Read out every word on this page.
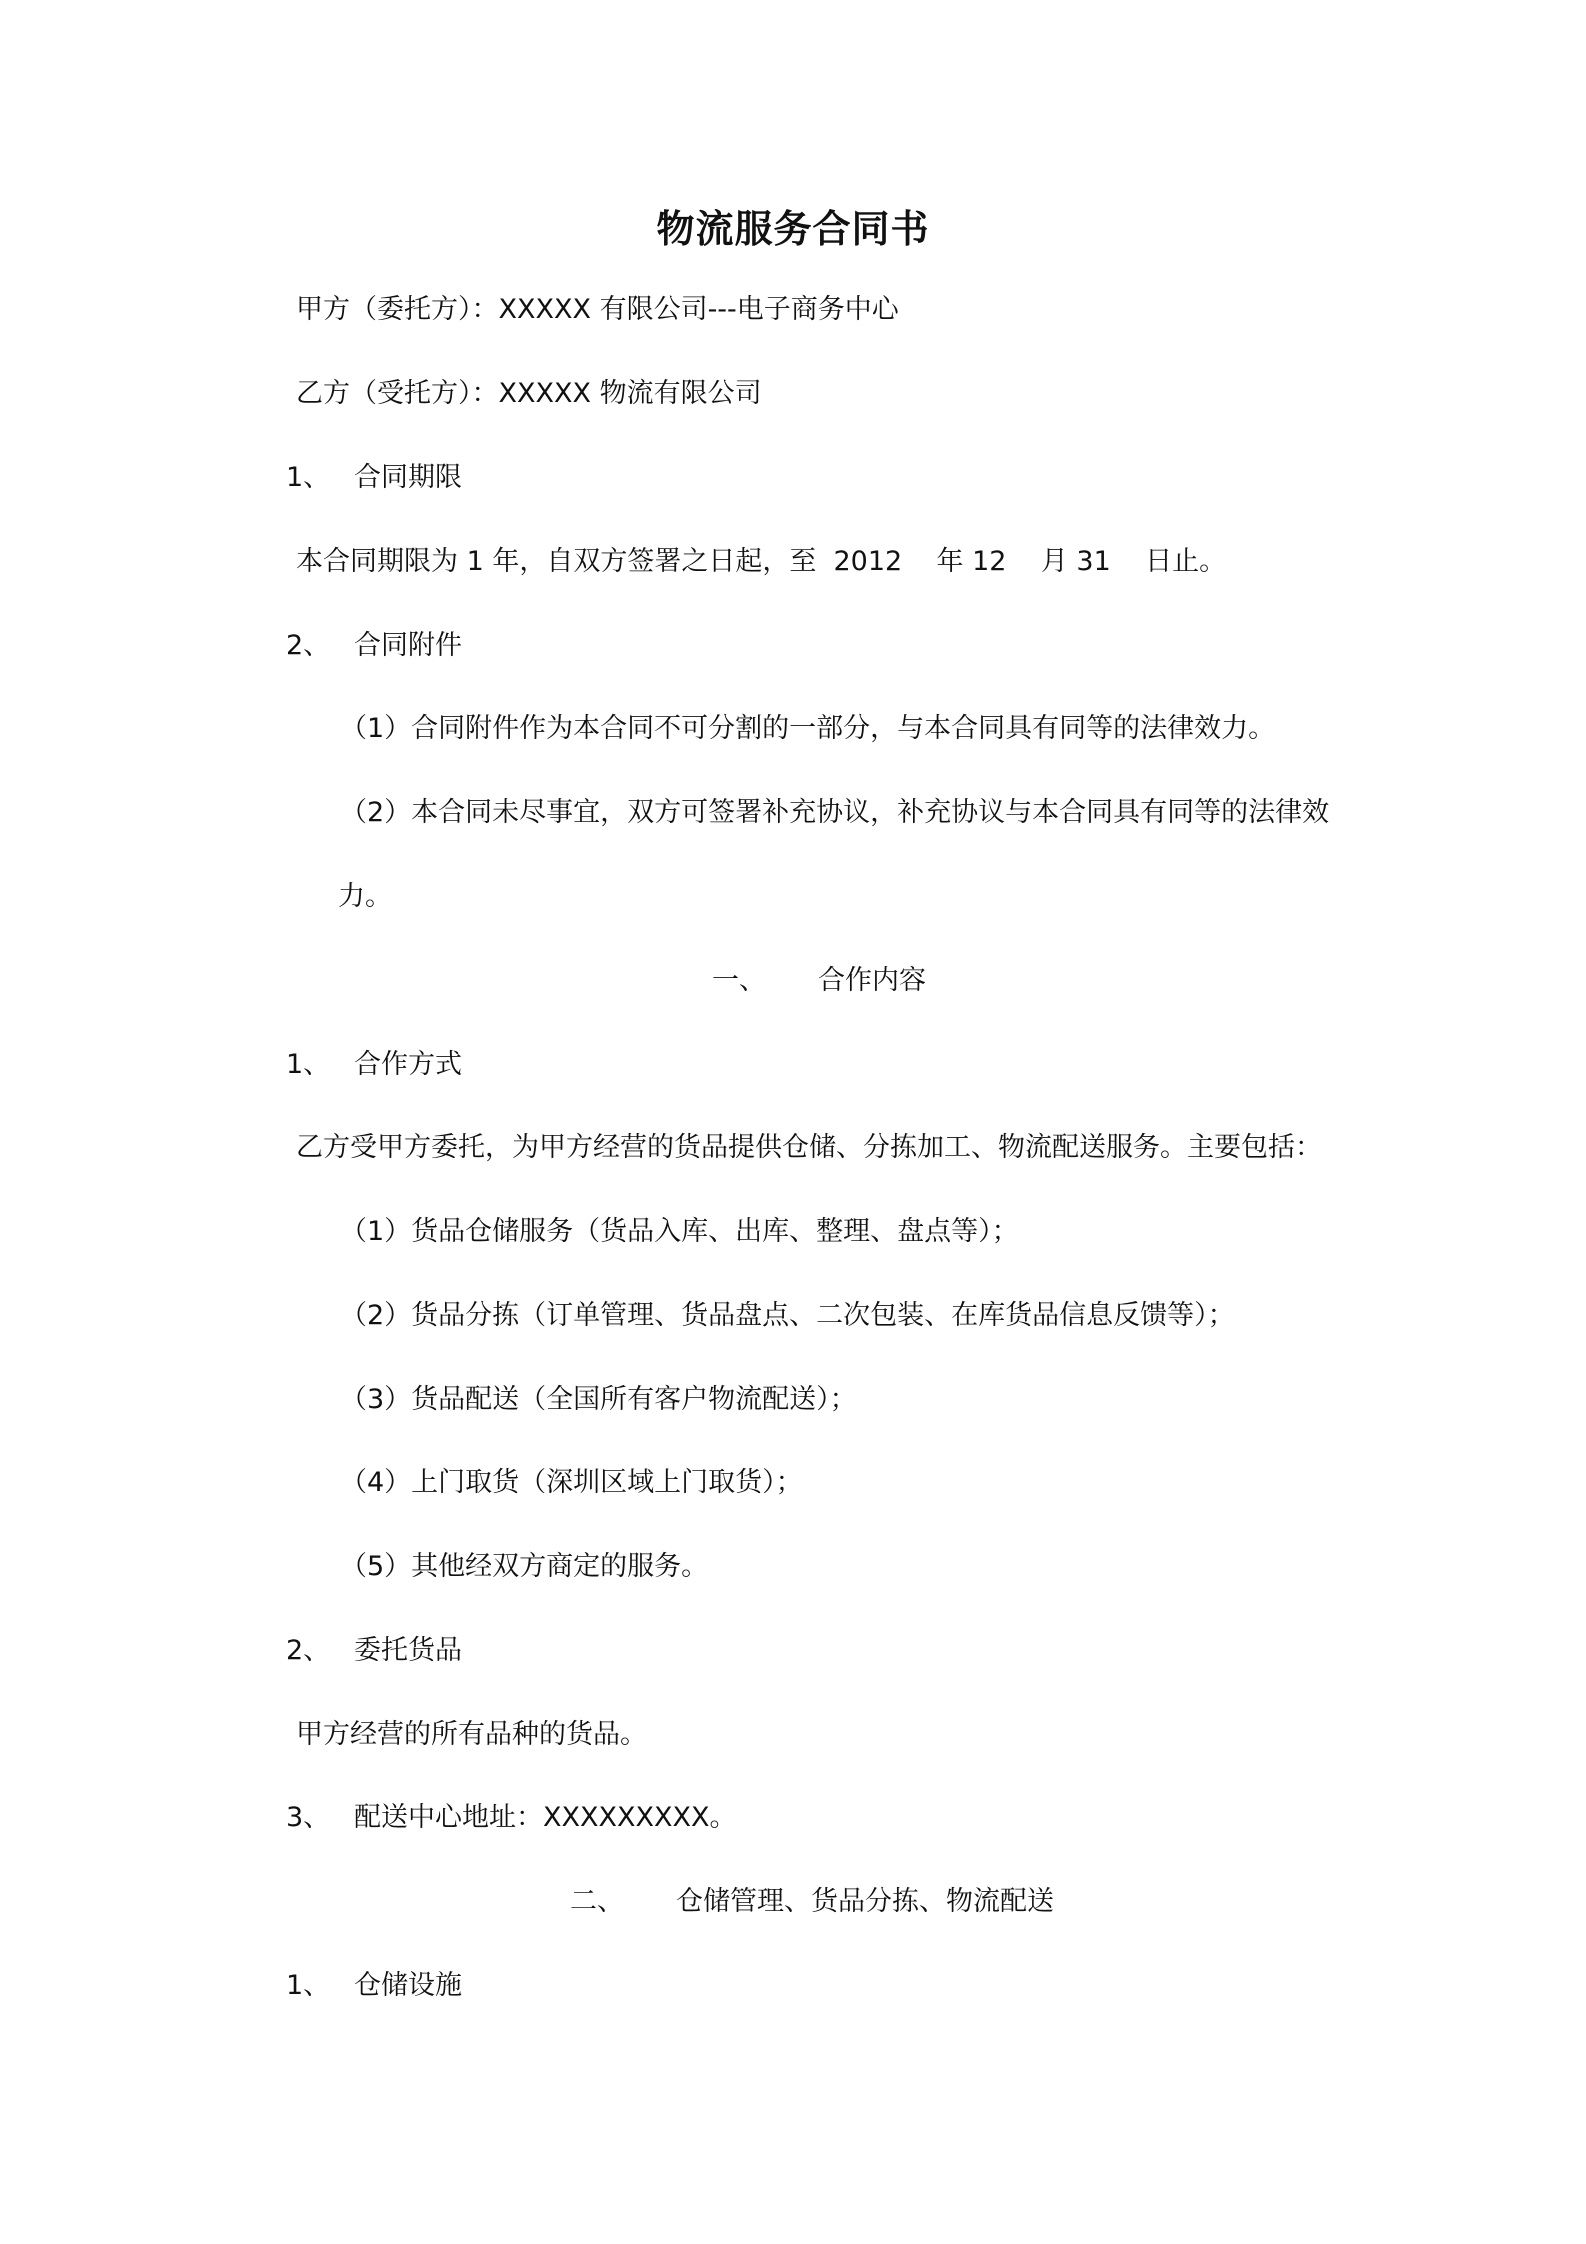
物流服务合同书
甲方（委托方）：XXXXX 有限公司---电子商务中心
乙方（受托方）：XXXXX 物流有限公司
1、 合同期限
本合同期限为 1 年，自双方签署之日起，至  2012    年 12    月 31    日止。
2、 合同附件
（1）合同附件作为本合同不可分割的一部分，与本合同具有同等的法律效力。
（2）本合同未尽事宜，双方可签署补充协议，补充协议与本合同具有同等的法律效
力。
一、 合作内容
1、 合作方式
乙方受甲方委托，为甲方经营的货品提供仓储、分拣加工、物流配送服务。主要包括：
（1）货品仓储服务（货品入库、出库、整理、盘点等）；
（2）货品分拣（订单管理、货品盘点、二次包装、在库货品信息反馈等）；
（3）货品配送（全国所有客户物流配送）；
（4）上门取货（深圳区域上门取货）；
（5）其他经双方商定的服务。
2、 委托货品
甲方经营的所有品种的货品。
3、 配送中心地址：XXXXXXXXX。
二、 仓储管理、货品分拣、物流配送
1、 仓储设施
